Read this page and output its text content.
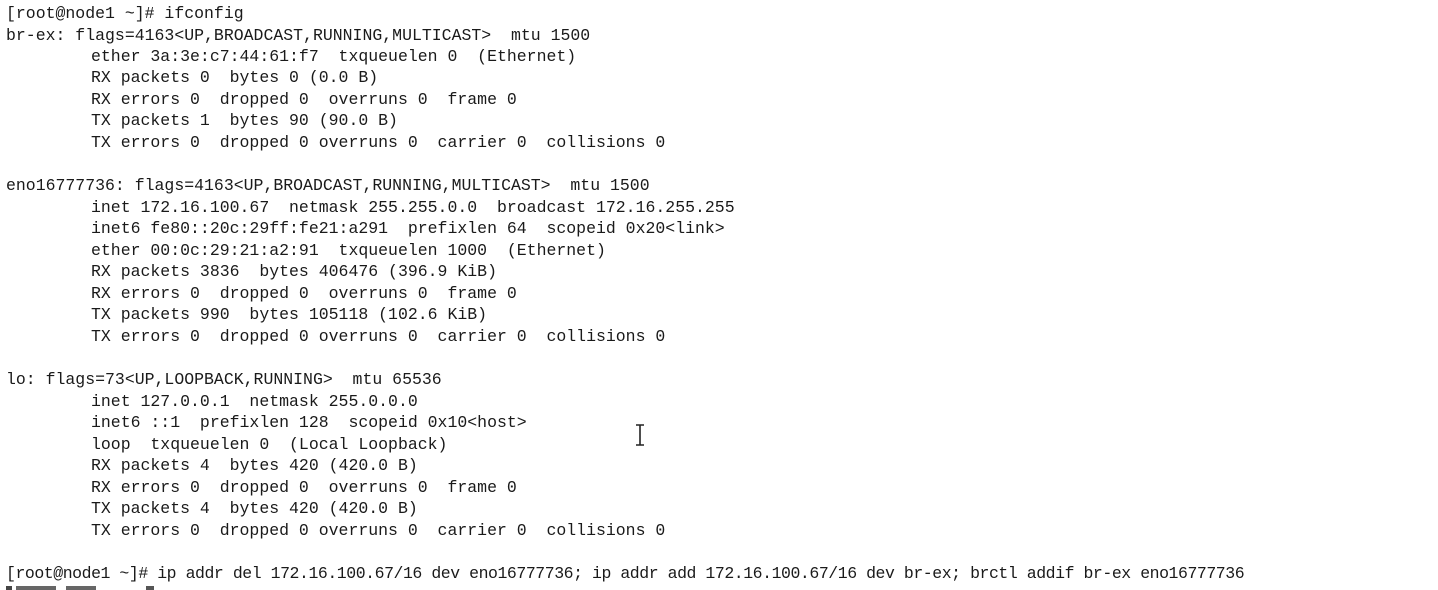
[root@node1 ~]# ifconfig
br-ex: flags=4163<UP,BROADCAST,RUNNING,MULTICAST>  mtu 1500
ether 3a:3e:c7:44:61:f7  txqueuelen 0  (Ethernet)
RX packets 0  bytes 0 (0.0 B)
RX errors 0  dropped 0  overruns 0  frame 0
TX packets 1  bytes 90 (90.0 B)
TX errors 0  dropped 0 overruns 0  carrier 0  collisions 0
eno16777736: flags=4163<UP,BROADCAST,RUNNING,MULTICAST>  mtu 1500
inet 172.16.100.67  netmask 255.255.0.0  broadcast 172.16.255.255
inet6 fe80::20c:29ff:fe21:a291  prefixlen 64  scopeid 0x20<link>
ether 00:0c:29:21:a2:91  txqueuelen 1000  (Ethernet)
RX packets 3836  bytes 406476 (396.9 KiB)
RX errors 0  dropped 0  overruns 0  frame 0
TX packets 990  bytes 105118 (102.6 KiB)
TX errors 0  dropped 0 overruns 0  carrier 0  collisions 0
lo: flags=73<UP,LOOPBACK,RUNNING>  mtu 65536
inet 127.0.0.1  netmask 255.0.0.0
inet6 ::1  prefixlen 128  scopeid 0x10<host>
loop  txqueuelen 0  (Local Loopback)
RX packets 4  bytes 420 (420.0 B)
RX errors 0  dropped 0  overruns 0  frame 0
TX packets 4  bytes 420 (420.0 B)
TX errors 0  dropped 0 overruns 0  carrier 0  collisions 0
[root@node1 ~]# ip addr del 172.16.100.67/16 dev eno16777736; ip addr add 172.16.100.67/16 dev br-ex; brctl addif br-ex eno16777736
